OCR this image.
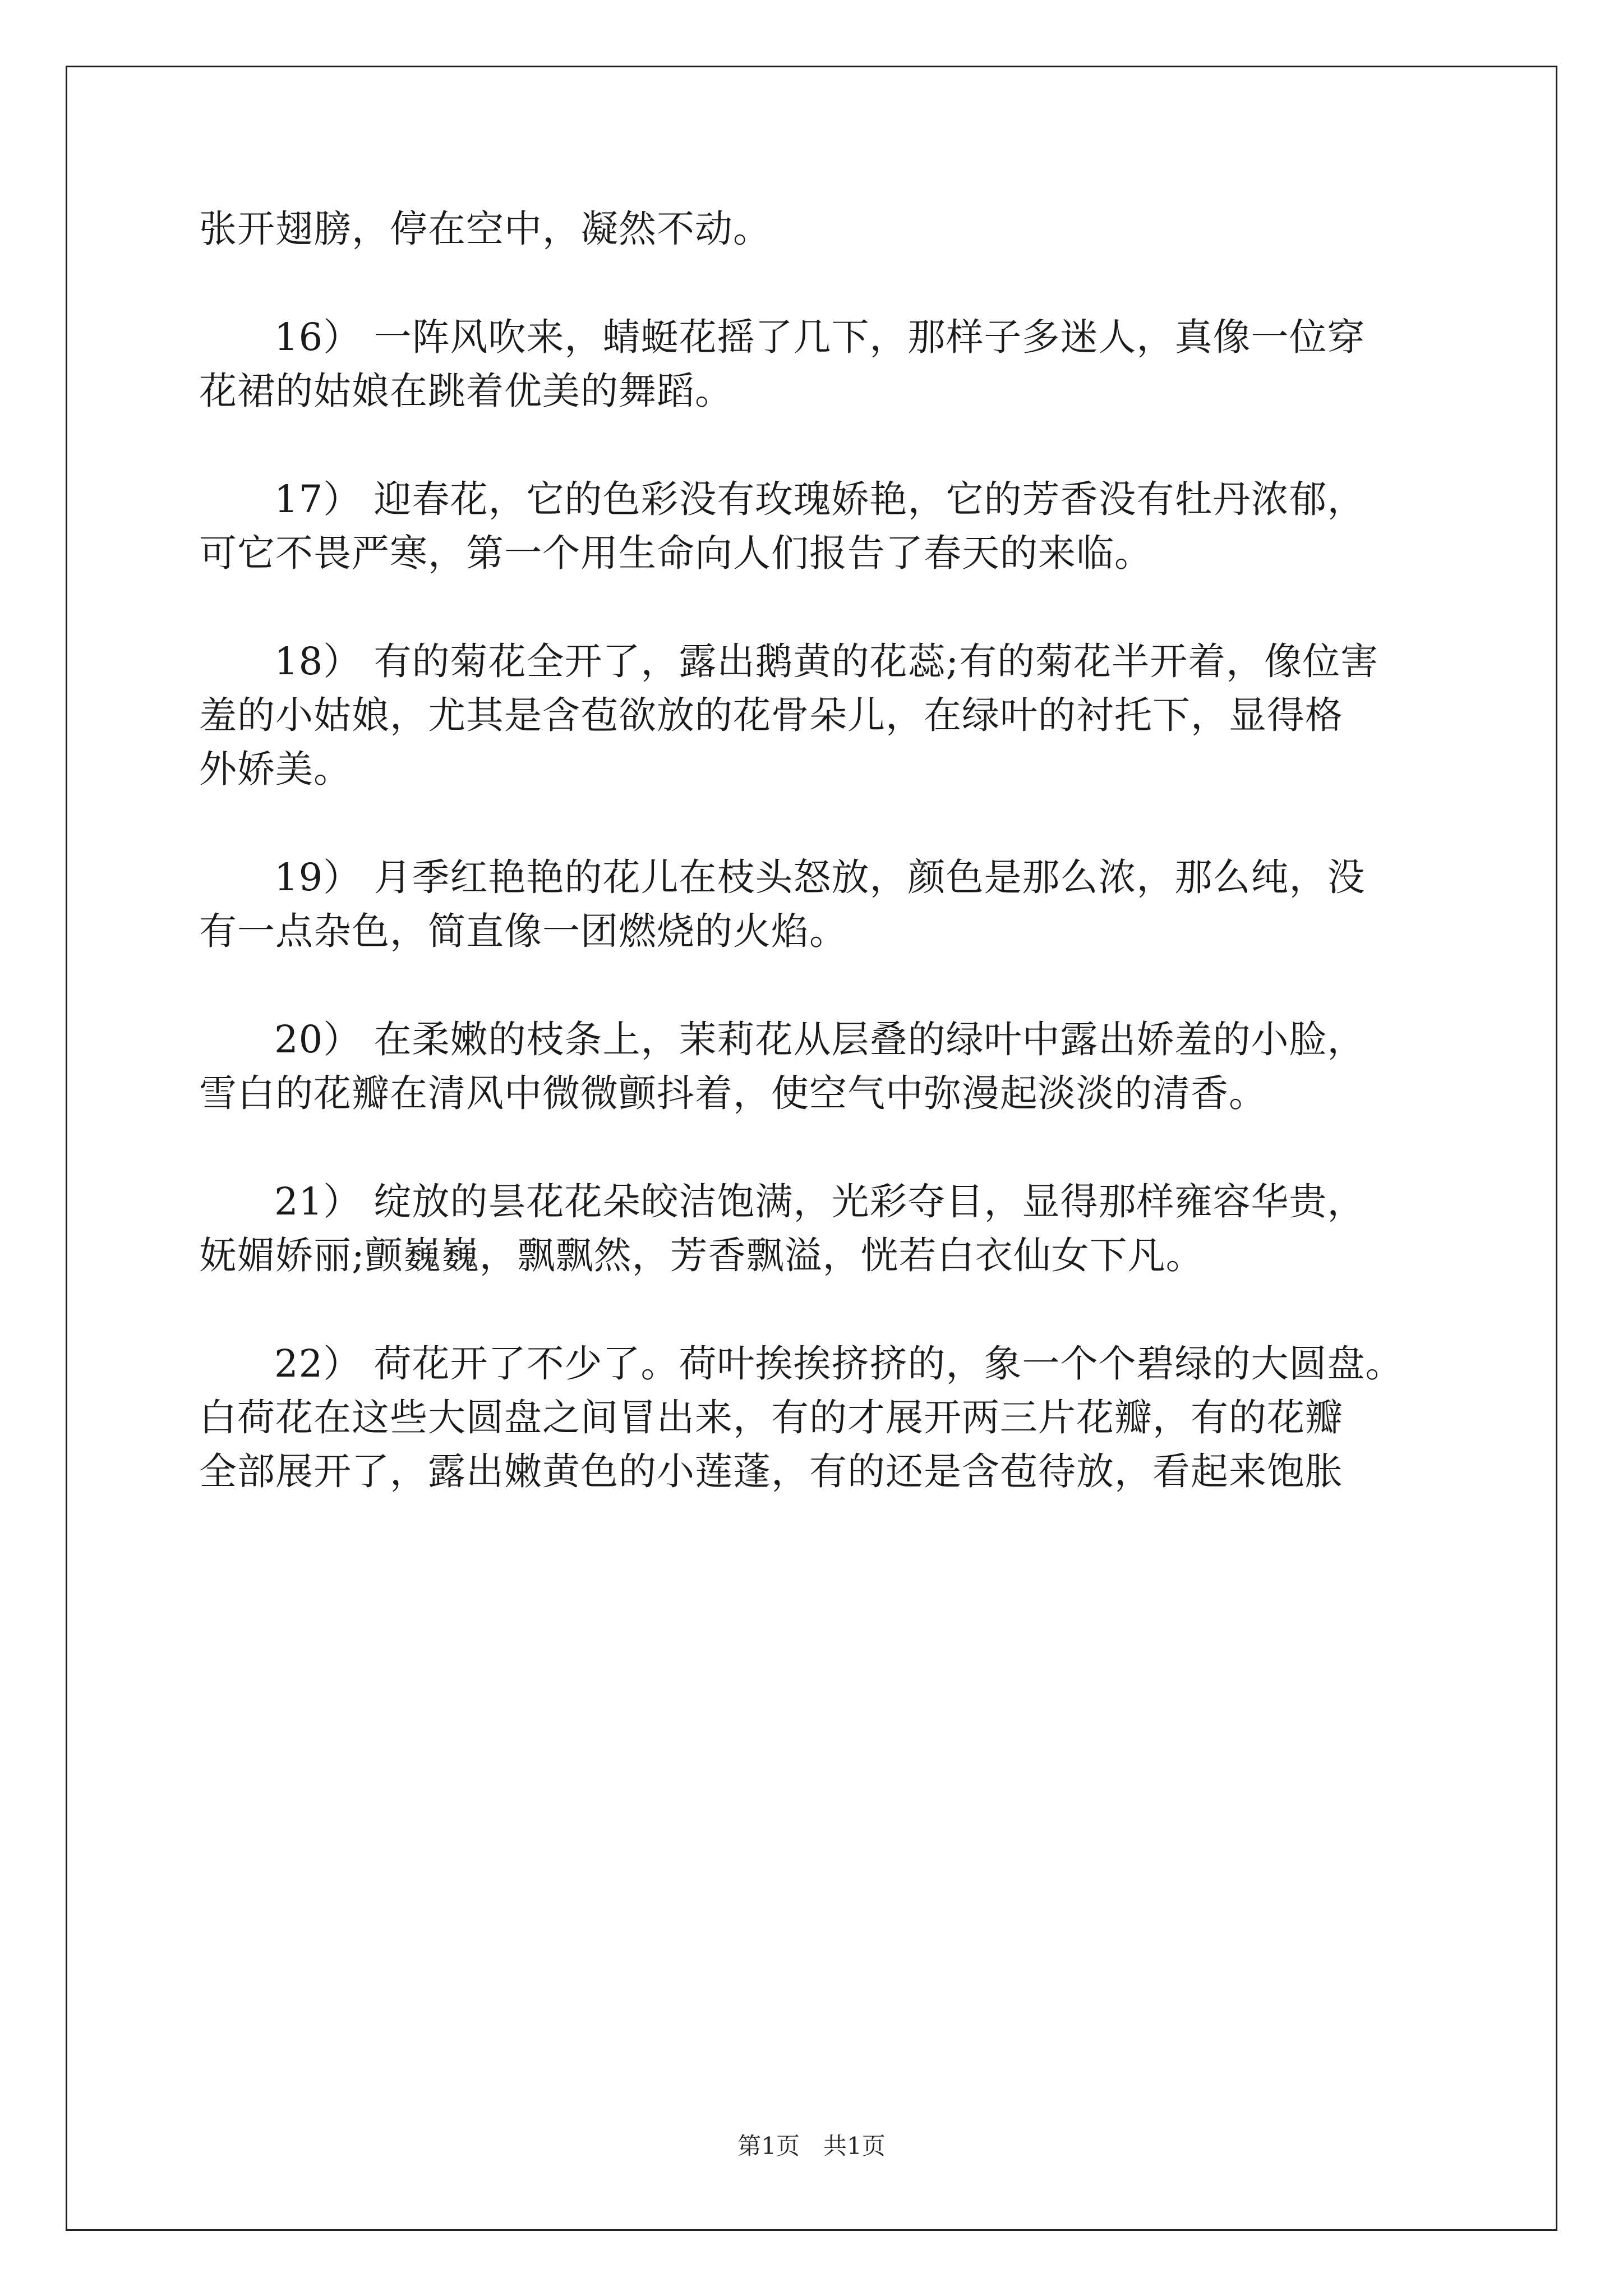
张开翅膀，停在空中，凝然不动。
16） 一阵风吹来，蜻蜓花摇了几下，那样子多迷人，真像一位穿
花裙的姑娘在跳着优美的舞蹈。
17） 迎春花，它的色彩没有玫瑰娇艳，它的芳香没有牡丹浓郁，
可它不畏严寒，第一个用生命向人们报告了春天的来临。
18） 有的菊花全开了，露出鹅黄的花蕊;有的菊花半开着，像位害
羞的小姑娘，尤其是含苞欲放的花骨朵儿，在绿叶的衬托下，显得格
外娇美。
19） 月季红艳艳的花儿在枝头怒放，颜色是那么浓，那么纯，没
有一点杂色，简直像一团燃烧的火焰。
20） 在柔嫩的枝条上，茉莉花从层叠的绿叶中露出娇羞的小脸，
雪白的花瓣在清风中微微颤抖着，使空气中弥漫起淡淡的清香。
21） 绽放的昙花花朵皎洁饱满，光彩夺目，显得那样雍容华贵，
妩媚娇丽;颤巍巍，飘飘然，芳香飘溢，恍若白衣仙女下凡。
22） 荷花开了不少了。荷叶挨挨挤挤的，象一个个碧绿的大圆盘。
白荷花在这些大圆盘之间冒出来，有的才展开两三片花瓣，有的花瓣
全部展开了，露出嫩黄色的小莲蓬，有的还是含苞待放，看起来饱胀
第1页　共1页
